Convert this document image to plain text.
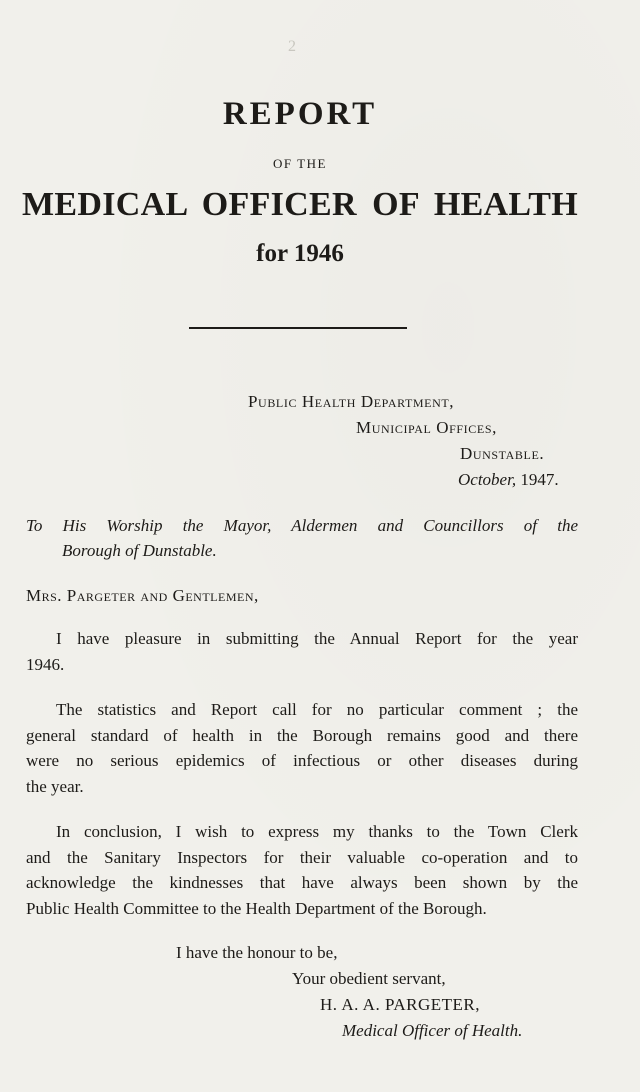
2
REPORT
OF THE
MEDICAL OFFICER OF HEALTH
for 1946
Public Health Department,
Municipal Offices,
Dunstable.
October, 1947.
To His Worship the Mayor, Aldermen and Councillors of the
Borough of Dunstable.
Mrs. Pargeter and Gentlemen,
I have pleasure in submitting the Annual Report for the year
1946.
The statistics and Report call for no particular comment ; the
general standard of health in the Borough remains good and there
were no serious epidemics of infectious or other diseases during
the year.
In conclusion, I wish to express my thanks to the Town Clerk
and the Sanitary Inspectors for their valuable co-operation and to
acknowledge the kindnesses that have always been shown by the
Public Health Committee to the Health Department of the Borough.
I have the honour to be,
Your obedient servant,
H. A. A. PARGETER,
Medical Officer of Health.
